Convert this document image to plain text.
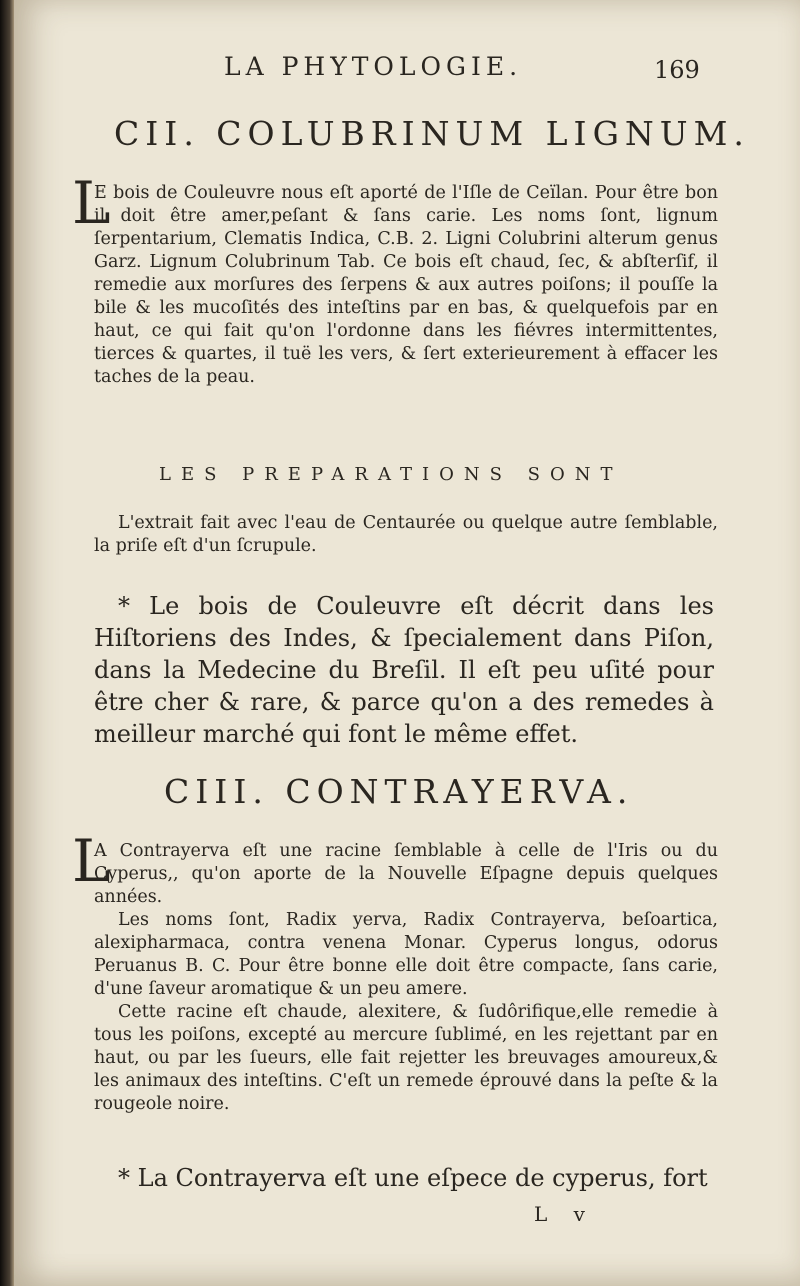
LA PHYTOLOGIE.	169
CII. COLUBRINUM LIGNUM.
L
E bois de Couleuvre nous eſt aporté de l'Iſle de Ceïlan. Pour être bon il doit être amer,peſant & ſans carie. Les noms ſont, lignum ſerpentarium, Clematis Indica, C.B. 2. Ligni Colubrini alterum genus Garz. Lignum Colubrinum Tab. Ce bois eſt chaud, ſec, & abſterſif, il remedie aux morſures des ſerpens & aux autres poiſons; il pouſſe la bile & les mucoſités des inteſtins par en bas, & quelquefois par en haut, ce qui fait qu'on l'ordonne dans les fiévres intermittentes, tierces & quartes, il tuë les vers, & ſert exterieurement à effacer les taches de la peau.
LES PREPARATIONS SONT
L'extrait fait avec l'eau de Centaurée ou quelque autre ſemblable, la priſe eſt d'un ſcrupule.
* Le bois de Couleuvre eſt décrit dans les Hiſtoriens des Indes, & ſpecialement dans Piſon, dans la Medecine du Breſil. Il eſt peu uſité pour être cher & rare, & parce qu'on a des remedes à meilleur marché qui font le même effet.
CIII. CONTRAYERVA.
L
A Contrayerva eſt une racine ſemblable à celle de l'Iris ou du Cyperus,, qu'on aporte de la Nouvelle Eſpagne depuis quelques années.
Les noms ſont, Radix yerva, Radix Contrayerva, beſoartica, alexipharmaca, contra venena Monar. Cyperus longus, odorus Peruanus B. C. Pour être bonne elle doit être compacte, ſans carie, d'une ſaveur aromatique & un peu amere.
Cette racine eſt chaude, alexitere, & ſudôrifique,elle remedie à tous les poiſons, excepté au mercure ſublimé, en les rejettant par en haut, ou par les ſueurs, elle fait rejetter les breuvages amoureux,& les animaux des inteſtins. C'eſt un remede éprouvé dans la peſte & la rougeole noire.
* La Contrayerva eſt une eſpece de cyperus, fort
L v
